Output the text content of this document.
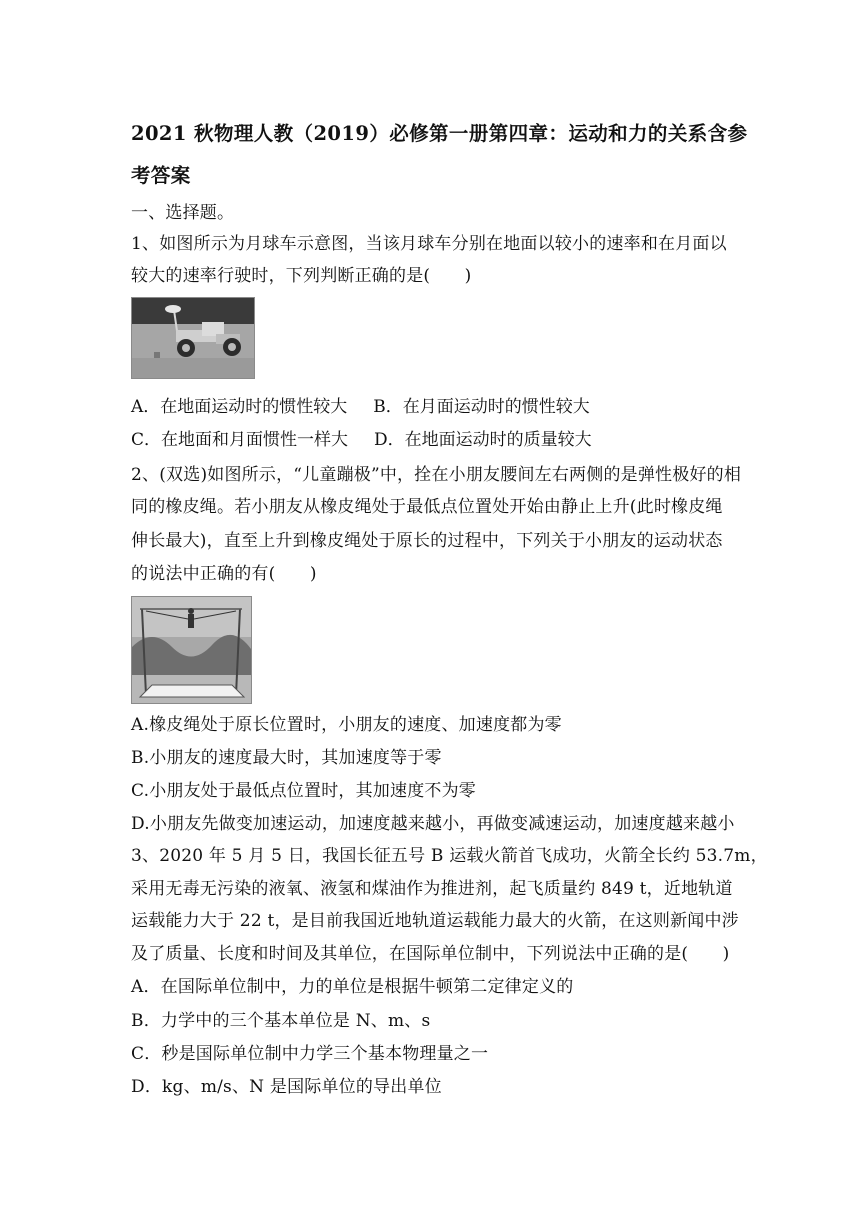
2021 秋物理人教（2019）必修第一册第四章：运动和力的关系含参
考答案
一、选择题。
1、如图所示为月球车示意图，当该月球车分别在地面以较小的速率和在月面以
较大的速率行驶时，下列判断正确的是(　　)
A．在地面运动时的惯性较大 B．在月面运动时的惯性较大
C．在地面和月面惯性一样大 D．在地面运动时的质量较大
2、(双选)如图所示，“儿童蹦极”中，拴在小朋友腰间左右两侧的是弹性极好的相
同的橡皮绳。若小朋友从橡皮绳处于最低点位置处开始由静止上升(此时橡皮绳
伸长最大)，直至上升到橡皮绳处于原长的过程中，下列关于小朋友的运动状态
的说法中正确的有(　　)
A.橡皮绳处于原长位置时，小朋友的速度、加速度都为零
B.小朋友的速度最大时，其加速度等于零
C.小朋友处于最低点位置时，其加速度不为零
D.小朋友先做变加速运动，加速度越来越小，再做变减速运动，加速度越来越小
3、2020 年 5 月 5 日，我国长征五号 B 运载火箭首飞成功，火箭全长约 53.7m，
采用无毒无污染的液氧、液氢和煤油作为推进剂，起飞质量约 849 t，近地轨道
运载能力大于 22 t，是目前我国近地轨道运载能力最大的火箭，在这则新闻中涉
及了质量、长度和时间及其单位，在国际单位制中，下列说法中正确的是(　　)
A．在国际单位制中，力的单位是根据牛顿第二定律定义的
B．力学中的三个基本单位是 N、m、s
C．秒是国际单位制中力学三个基本物理量之一
D．kg、m/s、N 是国际单位的导出单位
